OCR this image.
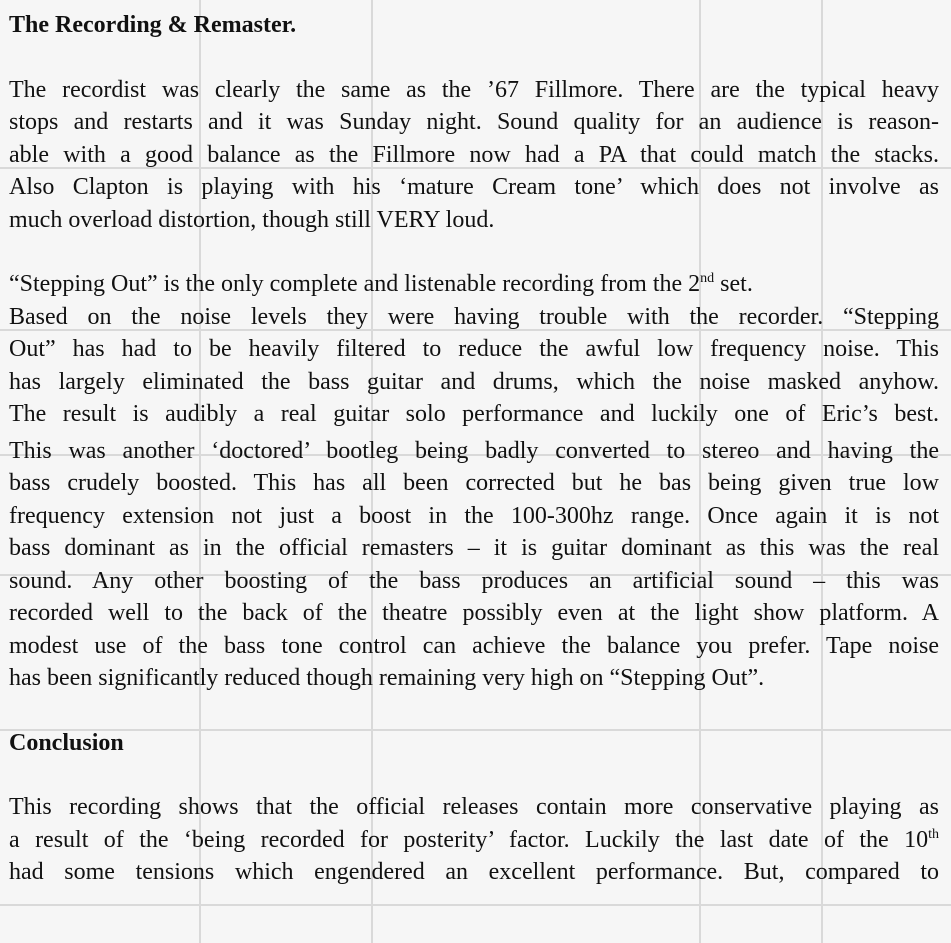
The Recording & Remaster.

The recordist was clearly the same as the ’67 Fillmore. There are the typical heavy
stops and restarts and it was Sunday night. Sound quality for an audience is reason-
able with a good balance as the Fillmore now had a PA that could match the stacks.
Also Clapton is playing with his ‘mature Cream tone’ which does not involve as
much overload distortion, though still VERY loud.

“Stepping Out” is the only complete and listenable recording from the 2nd set.
Based on the noise levels they were having trouble with the recorder. “Stepping
Out” has had to be heavily filtered to reduce the awful low frequency noise. This
has largely eliminated the bass guitar and drums, which the noise masked anyhow.
The result is audibly a real guitar solo performance and luckily one of Eric’s best.

This was another ‘doctored’ bootleg being badly converted to stereo and having the
bass crudely boosted. This has all been corrected but he bas being given true low
frequency extension not just a boost in the 100-300hz range. Once again it is not
bass dominant as in the official remasters – it is guitar dominant as this was the real
sound. Any other boosting of the bass produces an artificial sound – this was
recorded well to the back of the theatre possibly even at the light show platform. A
modest use of the bass tone control can achieve the balance you prefer. Tape noise
has been significantly reduced though remaining very high on “Stepping Out”.

Conclusion

This recording shows that the official releases contain more conservative playing as
a result of the ‘being recorded for posterity’ factor. Luckily the last date of the 10th
had some tensions which engendered an excellent performance. But, compared to
